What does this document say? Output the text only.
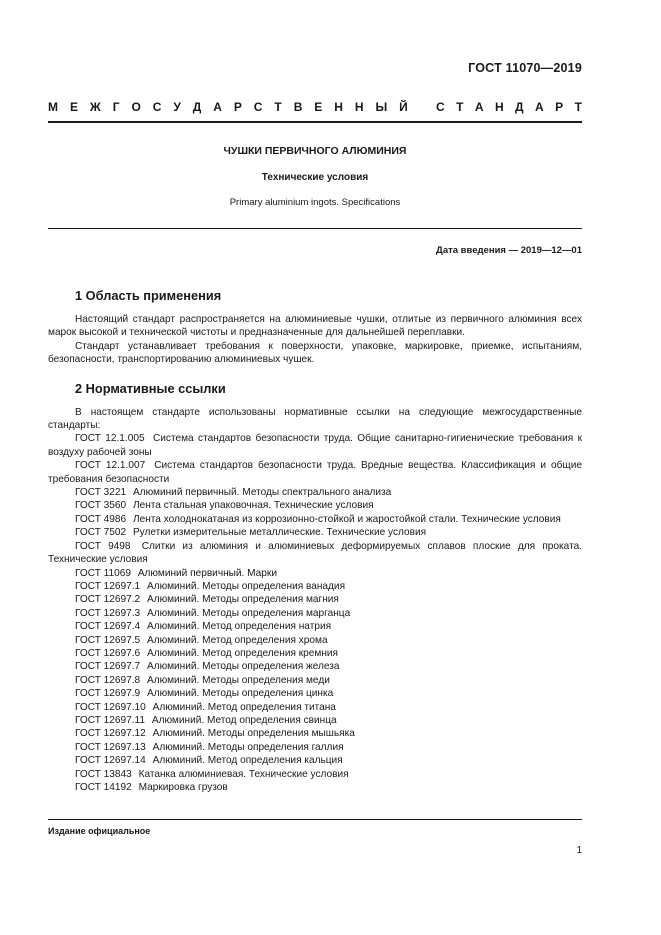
ГОСТ 11070—2019
М Е Ж Г О С У Д А Р С Т В Е Н Н Ы Й С Т А Н Д А Р Т
ЧУШКИ ПЕРВИЧНОГО АЛЮМИНИЯ
Технические условия
Primary aluminium ingots. Specifications
Дата введения — 2019—12—01
1 Область применения

Настоящий стандарт распространяется на алюминиевые чушки, отлитые из первичного алюминия всех марок высокой и технической чистоты и предназначенные для дальнейшей переплавки.

Стандарт устанавливает требования к поверхности, упаковке, маркировке, приемке, испытаниям, безопасности, транспортированию алюминиевых чушек.

2 Нормативные ссылки

В настоящем стандарте использованы нормативные ссылки на следующие межгосударственные стандарты:

ГОСТ 12.1.005 Система стандартов безопасности труда. Общие санитарно-гигиенические требования к воздуху рабочей зоны

ГОСТ 12.1.007 Система стандартов безопасности труда. Вредные вещества. Классификация и общие требования безопасности

ГОСТ 3221 Алюминий первичный. Методы спектрального анализа

ГОСТ 3560 Лента стальная упаковочная. Технические условия

ГОСТ 4986 Лента холоднокатаная из коррозионно-стойкой и жаростойкой стали. Технические условия

ГОСТ 7502 Рулетки измерительные металлические. Технические условия

ГОСТ 9498 Слитки из алюминия и алюминиевых деформируемых сплавов плоские для проката. Технические условия

ГОСТ 11069 Алюминий первичный. Марки

ГОСТ 12697.1 Алюминий. Методы определения ванадия

ГОСТ 12697.2 Алюминий. Методы определения магния

ГОСТ 12697.3 Алюминий. Методы определения марганца

ГОСТ 12697.4 Алюминий. Метод определения натрия

ГОСТ 12697.5 Алюминий. Метод определения хрома

ГОСТ 12697.6 Алюминий. Метод определения кремния

ГОСТ 12697.7 Алюминий. Методы определения железа

ГОСТ 12697.8 Алюминий. Методы определения меди

ГОСТ 12697.9 Алюминий. Методы определения цинка

ГОСТ 12697.10 Алюминий. Метод определения титана

ГОСТ 12697.11 Алюминий. Метод определения свинца

ГОСТ 12697.12 Алюминий. Методы определения мышьяка

ГОСТ 12697.13 Алюминий. Методы определения галлия

ГОСТ 12697.14 Алюминий. Метод определения кальция

ГОСТ 13843 Катанка алюминиевая. Технические условия

ГОСТ 14192 Маркировка грузов

Издание официальное
1
